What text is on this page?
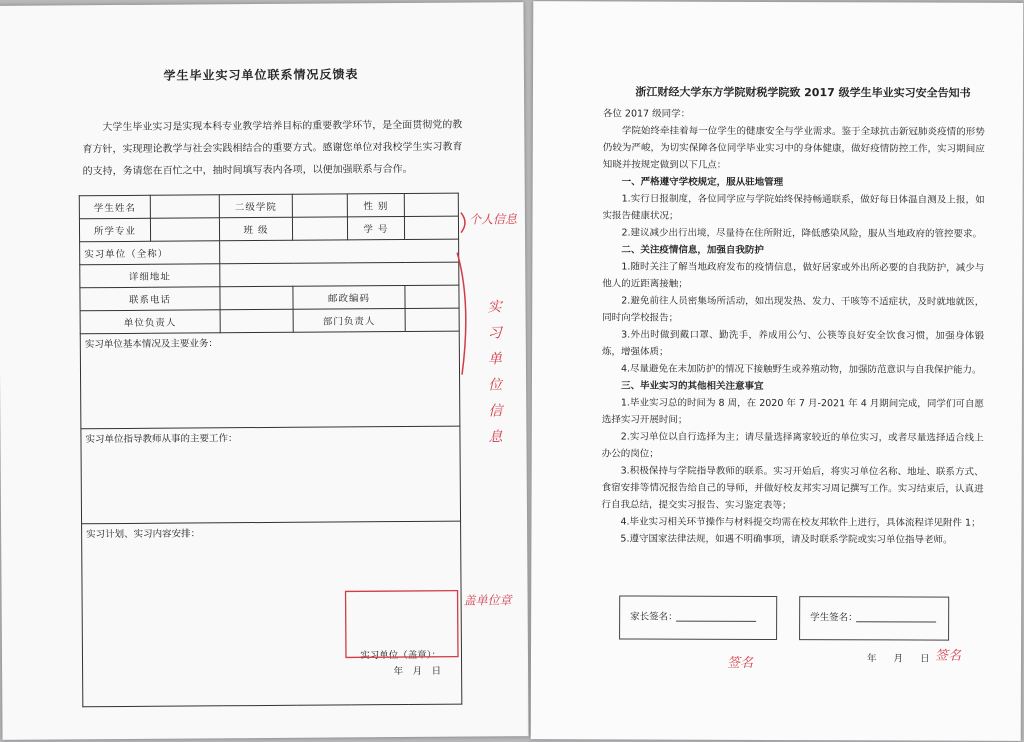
学生毕业实习单位联系情况反馈表
大学生毕业实习是实现本科专业教学培养目标的重要教学环节，是全面贯彻党的教育方针，实现理论教学与社会实践相结合的重要方式。感谢您单位对我校学生实习教育的支持，务请您在百忙之中，抽时间填写表内各项，以便加强联系与合作。
学生姓名		二级学院		性 别	
所学专业		班 级		学 号	
实习单位（全称）					
详细地址					
联系电话			邮政编码		
单位负责人			部门负责人		
实习单位基本情况及主要业务：					
实习单位指导教师从事的主要工作：					
实习计划、实习内容安排：
实习单位（盖章）：
年　月　日					
个人信息
实习单位信息
盖单位章
浙江财经大学东方学院财税学院致 2017 级学生毕业实习安全告知书

各位 2017 级同学：

学院始终牵挂着每一位学生的健康安全与学业需求。鉴于全球抗击新冠肺炎疫情的形势仍较为严峻，为切实保障各位同学毕业实习中的身体健康，做好疫情防控工作，实习期间应知晓并按规定做到以下几点：

一、严格遵守学校规定，服从驻地管理

1.实行日报制度，各位同学应与学院始终保持畅通联系，做好每日体温自测及上报，如实报告健康状况；

2.建议减少出行出境，尽量待在住所附近，降低感染风险，服从当地政府的管控要求。

二、关注疫情信息，加强自我防护

1.随时关注了解当地政府发布的疫情信息，做好居家或外出所必要的自我防护，减少与他人的近距离接触；

2.避免前往人员密集场所活动，如出现发热、发力、干咳等不适症状，及时就地就医，同时向学校报告；

3.外出时做到戴口罩、勤洗手，养成用公勺、公筷等良好安全饮食习惯，加强身体锻炼，增强体质；

4.尽量避免在未加防护的情况下接触野生或养殖动物，加强防范意识与自我保护能力。

三、毕业实习的其他相关注意事宜

1.毕业实习总的时间为 8 周，在 2020 年 7 月-2021 年 4 月期间完成，同学们可自愿选择实习开展时间；

2.实习单位以自行选择为主；请尽量选择离家较近的单位实习，或者尽量选择适合线上办公的岗位；

3.积极保持与学院指导教师的联系。实习开始后，将实习单位名称、地址、联系方式、食宿安排等情况报告给自己的导师，并做好校友邦实习周记撰写工作。实习结束后，认真进行自我总结，提交实习报告、实习鉴定表等；

4.毕业实习相关环节操作与材料提交均需在校友邦软件上进行，具体流程详见附件 1；

5.遵守国家法律法规，如遇不明确事项，请及时联系学院或实习单位指导老师。

家长签名：	学生签名：
年 月 日
签名	签名
